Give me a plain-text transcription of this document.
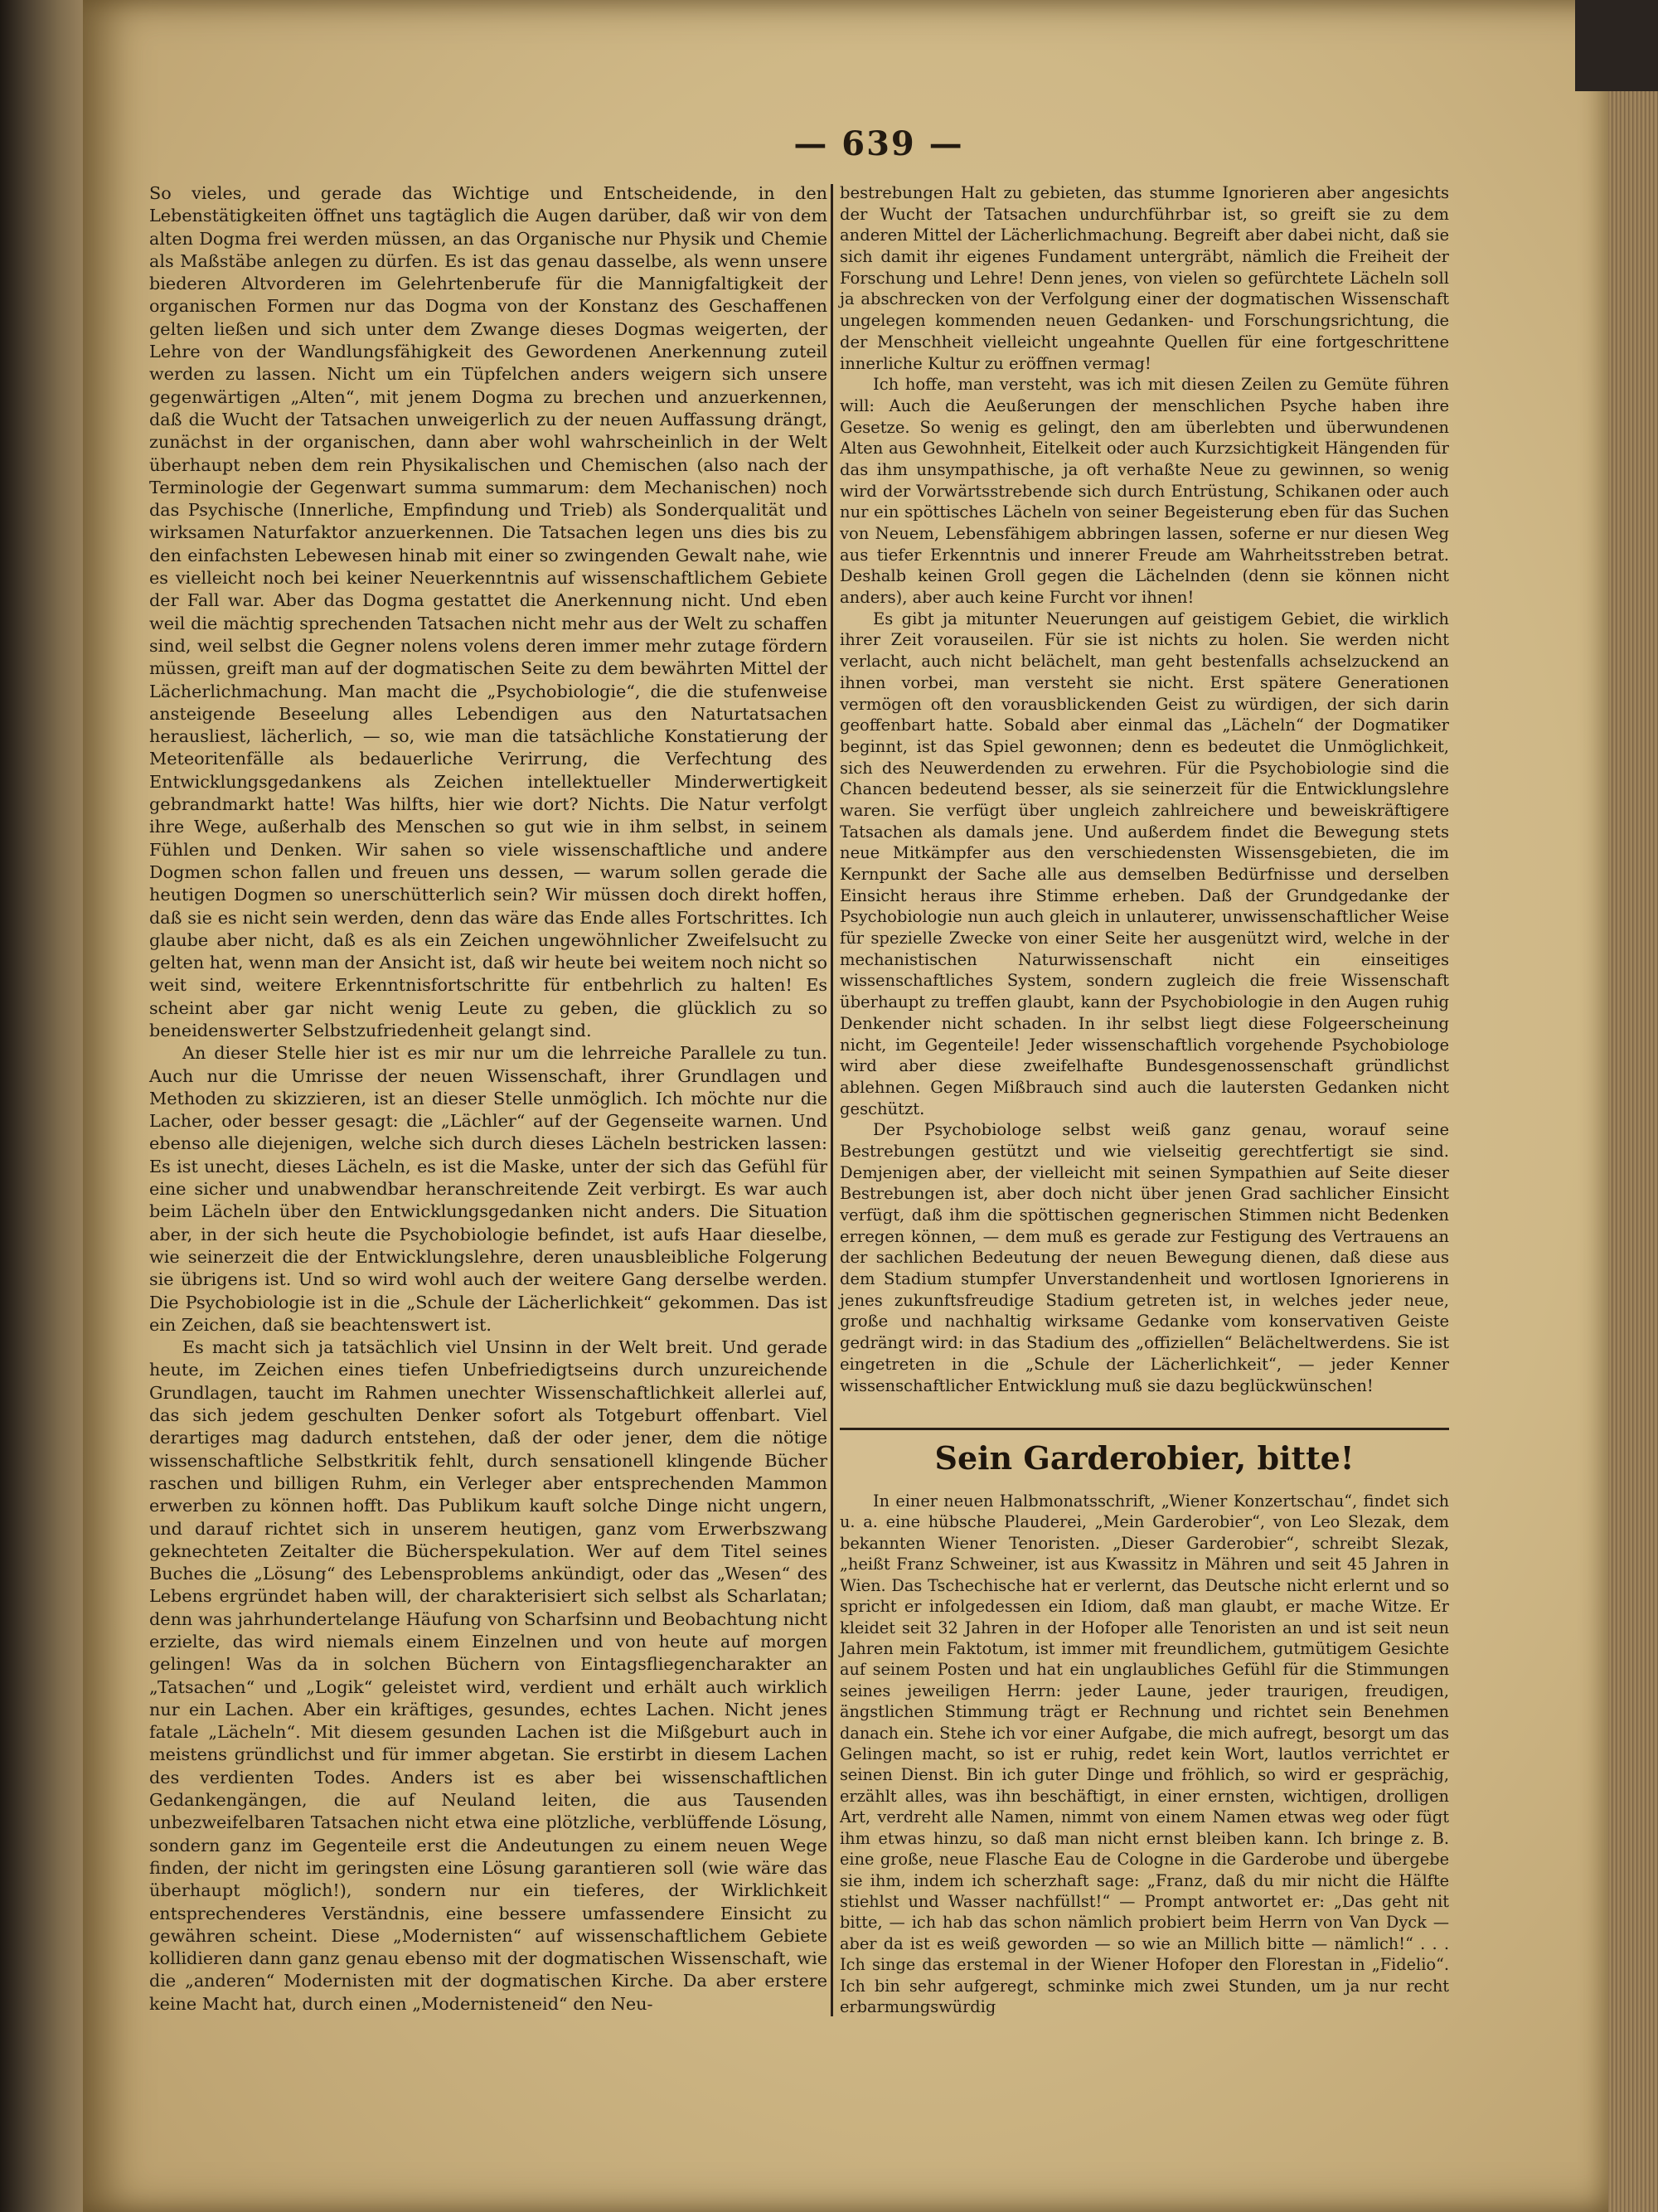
— 639 —

So vieles, und gerade das Wichtige und Entscheidende, in den Lebenstätigkeiten öffnet uns tagtäglich die Augen darüber, daß wir von dem alten Dogma frei werden müssen, an das Organische nur Physik und Chemie als Maßstäbe anlegen zu dürfen. Es ist das genau dasselbe, als wenn unsere biederen Altvorderen im Gelehrtenberufe für die Mannigfaltigkeit der organischen Formen nur das Dogma von der Konstanz des Geschaffenen gelten ließen und sich unter dem Zwange dieses Dogmas weigerten, der Lehre von der Wandlungsfähigkeit des Gewordenen Anerkennung zuteil werden zu lassen. Nicht um ein Tüpfelchen anders weigern sich unsere gegenwärtigen „Alten“, mit jenem Dogma zu brechen und anzuerkennen, daß die Wucht der Tatsachen unweigerlich zu der neuen Auffassung drängt, zunächst in der organischen, dann aber wohl wahrscheinlich in der Welt überhaupt neben dem rein Physikalischen und Chemischen (also nach der Terminologie der Gegenwart summa summarum: dem Mechanischen) noch das Psychische (Innerliche, Empfindung und Trieb) als Sonderqualität und wirksamen Naturfaktor anzuerkennen. Die Tatsachen legen uns dies bis zu den einfachsten Lebewesen hinab mit einer so zwingenden Gewalt nahe, wie es vielleicht noch bei keiner Neuerkenntnis auf wissenschaftlichem Gebiete der Fall war. Aber das Dogma gestattet die Anerkennung nicht. Und eben weil die mächtig sprechenden Tatsachen nicht mehr aus der Welt zu schaffen sind, weil selbst die Gegner nolens volens deren immer mehr zutage fördern müssen, greift man auf der dogmatischen Seite zu dem bewährten Mittel der Lächerlichmachung. Man macht die „Psychobiologie“, die die stufenweise ansteigende Beseelung alles Lebendigen aus den Naturtatsachen herausliest, lächerlich, — so, wie man die tatsächliche Konstatierung der Meteoritenfälle als bedauerliche Verirrung, die Verfechtung des Entwicklungsgedankens als Zeichen intellektueller Minderwertigkeit gebrandmarkt hatte! Was hilfts, hier wie dort? Nichts. Die Natur verfolgt ihre Wege, außerhalb des Menschen so gut wie in ihm selbst, in seinem Fühlen und Denken. Wir sahen so viele wissenschaftliche und andere Dogmen schon fallen und freuen uns dessen, — warum sollen gerade die heutigen Dogmen so unerschütterlich sein? Wir müssen doch direkt hoffen, daß sie es nicht sein werden, denn das wäre das Ende alles Fortschrittes. Ich glaube aber nicht, daß es als ein Zeichen ungewöhnlicher Zweifelsucht zu gelten hat, wenn man der Ansicht ist, daß wir heute bei weitem noch nicht so weit sind, weitere Erkenntnisfortschritte für entbehrlich zu halten! Es scheint aber gar nicht wenig Leute zu geben, die glücklich zu so beneidenswerter Selbstzufriedenheit gelangt sind.

An dieser Stelle hier ist es mir nur um die lehrreiche Parallele zu tun. Auch nur die Umrisse der neuen Wissenschaft, ihrer Grundlagen und Methoden zu skizzieren, ist an dieser Stelle unmöglich. Ich möchte nur die Lacher, oder besser gesagt: die „Lächler“ auf der Gegenseite warnen. Und ebenso alle diejenigen, welche sich durch dieses Lächeln bestricken lassen: Es ist unecht, dieses Lächeln, es ist die Maske, unter der sich das Gefühl für eine sicher und unabwendbar heranschreitende Zeit verbirgt. Es war auch beim Lächeln über den Entwicklungsgedanken nicht anders. Die Situation aber, in der sich heute die Psychobiologie befindet, ist aufs Haar dieselbe, wie seinerzeit die der Entwicklungslehre, deren unausbleibliche Folgerung sie übrigens ist. Und so wird wohl auch der weitere Gang derselbe werden. Die Psychobiologie ist in die „Schule der Lächerlichkeit“ gekommen. Das ist ein Zeichen, daß sie beachtenswert ist.

Es macht sich ja tatsächlich viel Unsinn in der Welt breit. Und gerade heute, im Zeichen eines tiefen Unbefriedigtseins durch unzureichende Grundlagen, taucht im Rahmen unechter Wissenschaftlichkeit allerlei auf, das sich jedem geschulten Denker sofort als Totgeburt offenbart. Viel derartiges mag dadurch entstehen, daß der oder jener, dem die nötige wissenschaftliche Selbstkritik fehlt, durch sensationell klingende Bücher raschen und billigen Ruhm, ein Verleger aber entsprechenden Mammon erwerben zu können hofft. Das Publikum kauft solche Dinge nicht ungern, und darauf richtet sich in unserem heutigen, ganz vom Erwerbszwang geknechteten Zeitalter die Bücherspekulation. Wer auf dem Titel seines Buches die „Lösung“ des Lebensproblems ankündigt, oder das „Wesen“ des Lebens ergründet haben will, der charakterisiert sich selbst als Scharlatan; denn was jahrhundertelange Häufung von Scharfsinn und Beobachtung nicht erzielte, das wird niemals einem Einzelnen und von heute auf morgen gelingen! Was da in solchen Büchern von Eintagsfliegencharakter an „Tatsachen“ und „Logik“ geleistet wird, verdient und erhält auch wirklich nur ein Lachen. Aber ein kräftiges, gesundes, echtes Lachen. Nicht jenes fatale „Lächeln“. Mit diesem gesunden Lachen ist die Mißgeburt auch in meistens gründlichst und für immer abgetan. Sie erstirbt in diesem Lachen des verdienten Todes. Anders ist es aber bei wissenschaftlichen Gedankengängen, die auf Neuland leiten, die aus Tausenden unbezweifelbaren Tatsachen nicht etwa eine plötzliche, verblüffende Lösung, sondern ganz im Gegenteile erst die Andeutungen zu einem neuen Wege finden, der nicht im geringsten eine Lösung garantieren soll (wie wäre das überhaupt möglich!), sondern nur ein tieferes, der Wirklichkeit entsprechenderes Verständnis, eine bessere umfassendere Einsicht zu gewähren scheint. Diese „Modernisten“ auf wissenschaftlichem Gebiete kollidieren dann ganz genau ebenso mit der dogmatischen Wissenschaft, wie die „anderen“ Modernisten mit der dogmatischen Kirche. Da aber erstere keine Macht hat, durch einen „Modernisteneid“ den Neu-

bestrebungen Halt zu gebieten, das stumme Ignorieren aber angesichts der Wucht der Tatsachen undurchführbar ist, so greift sie zu dem anderen Mittel der Lächerlichmachung. Begreift aber dabei nicht, daß sie sich damit ihr eigenes Fundament untergräbt, nämlich die Freiheit der Forschung und Lehre! Denn jenes, von vielen so gefürchtete Lächeln soll ja abschrecken von der Verfolgung einer der dogmatischen Wissenschaft ungelegen kommenden neuen Gedanken- und Forschungsrichtung, die der Menschheit vielleicht ungeahnte Quellen für eine fortgeschrittene innerliche Kultur zu eröffnen vermag!

Ich hoffe, man versteht, was ich mit diesen Zeilen zu Gemüte führen will: Auch die Aeußerungen der menschlichen Psyche haben ihre Gesetze. So wenig es gelingt, den am überlebten und überwundenen Alten aus Gewohnheit, Eitelkeit oder auch Kurzsichtigkeit Hängenden für das ihm unsympathische, ja oft verhaßte Neue zu gewinnen, so wenig wird der Vorwärtsstrebende sich durch Entrüstung, Schikanen oder auch nur ein spöttisches Lächeln von seiner Begeisterung eben für das Suchen von Neuem, Lebensfähigem abbringen lassen, soferne er nur diesen Weg aus tiefer Erkenntnis und innerer Freude am Wahrheitsstreben betrat. Deshalb keinen Groll gegen die Lächelnden (denn sie können nicht anders), aber auch keine Furcht vor ihnen!

Es gibt ja mitunter Neuerungen auf geistigem Gebiet, die wirklich ihrer Zeit vorauseilen. Für sie ist nichts zu holen. Sie werden nicht verlacht, auch nicht belächelt, man geht bestenfalls achselzuckend an ihnen vorbei, man versteht sie nicht. Erst spätere Generationen vermögen oft den vorausblickenden Geist zu würdigen, der sich darin geoffenbart hatte. Sobald aber einmal das „Lächeln“ der Dogmatiker beginnt, ist das Spiel gewonnen; denn es bedeutet die Unmöglichkeit, sich des Neuwerdenden zu erwehren. Für die Psychobiologie sind die Chancen bedeutend besser, als sie seinerzeit für die Entwicklungslehre waren. Sie verfügt über ungleich zahlreichere und beweiskräftigere Tatsachen als damals jene. Und außerdem findet die Bewegung stets neue Mitkämpfer aus den verschiedensten Wissensgebieten, die im Kernpunkt der Sache alle aus demselben Bedürfnisse und derselben Einsicht heraus ihre Stimme erheben. Daß der Grundgedanke der Psychobiologie nun auch gleich in unlauterer, unwissenschaftlicher Weise für spezielle Zwecke von einer Seite her ausgenützt wird, welche in der mechanistischen Naturwissenschaft nicht ein einseitiges wissenschaftliches System, sondern zugleich die freie Wissenschaft überhaupt zu treffen glaubt, kann der Psychobiologie in den Augen ruhig Denkender nicht schaden. In ihr selbst liegt diese Folgeerscheinung nicht, im Gegenteile! Jeder wissenschaftlich vorgehende Psychobiologe wird aber diese zweifelhafte Bundesgenossenschaft gründlichst ablehnen. Gegen Mißbrauch sind auch die lautersten Gedanken nicht geschützt.

Der Psychobiologe selbst weiß ganz genau, worauf seine Bestrebungen gestützt und wie vielseitig gerechtfertigt sie sind. Demjenigen aber, der vielleicht mit seinen Sympathien auf Seite dieser Bestrebungen ist, aber doch nicht über jenen Grad sachlicher Einsicht verfügt, daß ihm die spöttischen gegnerischen Stimmen nicht Bedenken erregen können, — dem muß es gerade zur Festigung des Vertrauens an der sachlichen Bedeutung der neuen Bewegung dienen, daß diese aus dem Stadium stumpfer Unverstandenheit und wortlosen Ignorierens in jenes zukunftsfreudige Stadium getreten ist, in welches jeder neue, große und nachhaltig wirksame Gedanke vom konservativen Geiste gedrängt wird: in das Stadium des „offiziellen“ Belächeltwerdens. Sie ist eingetreten in die „Schule der Lächerlichkeit“, — jeder Kenner wissenschaftlicher Entwicklung muß sie dazu beglückwünschen!

Sein Garderobier, bitte!

In einer neuen Halbmonatsschrift, „Wiener Konzertschau“, findet sich u. a. eine hübsche Plauderei, „Mein Garderobier“, von Leo Slezak, dem bekannten Wiener Tenoristen. „Dieser Garderobier“, schreibt Slezak, „heißt Franz Schweiner, ist aus Kwassitz in Mähren und seit 45 Jahren in Wien. Das Tschechische hat er verlernt, das Deutsche nicht erlernt und so spricht er infolgedessen ein Idiom, daß man glaubt, er mache Witze. Er kleidet seit 32 Jahren in der Hofoper alle Tenoristen an und ist seit neun Jahren mein Faktotum, ist immer mit freundlichem, gutmütigem Gesichte auf seinem Posten und hat ein unglaubliches Gefühl für die Stimmungen seines jeweiligen Herrn: jeder Laune, jeder traurigen, freudigen, ängstlichen Stimmung trägt er Rechnung und richtet sein Benehmen danach ein. Stehe ich vor einer Aufgabe, die mich aufregt, besorgt um das Gelingen macht, so ist er ruhig, redet kein Wort, lautlos verrichtet er seinen Dienst. Bin ich guter Dinge und fröhlich, so wird er gesprächig, erzählt alles, was ihn beschäftigt, in einer ernsten, wichtigen, drolligen Art, verdreht alle Namen, nimmt von einem Namen etwas weg oder fügt ihm etwas hinzu, so daß man nicht ernst bleiben kann. Ich bringe z. B. eine große, neue Flasche Eau de Cologne in die Garderobe und übergebe sie ihm, indem ich scherzhaft sage: „Franz, daß du mir nicht die Hälfte stiehlst und Wasser nachfüllst!“ — Prompt antwortet er: „Das geht nit bitte, — ich hab das schon nämlich probiert beim Herrn von Van Dyck — aber da ist es weiß geworden — so wie an Millich bitte — nämlich!“ . . . Ich singe das erstemal in der Wiener Hofoper den Florestan in „Fidelio“. Ich bin sehr aufgeregt, schminke mich zwei Stunden, um ja nur recht erbarmungswürdig
